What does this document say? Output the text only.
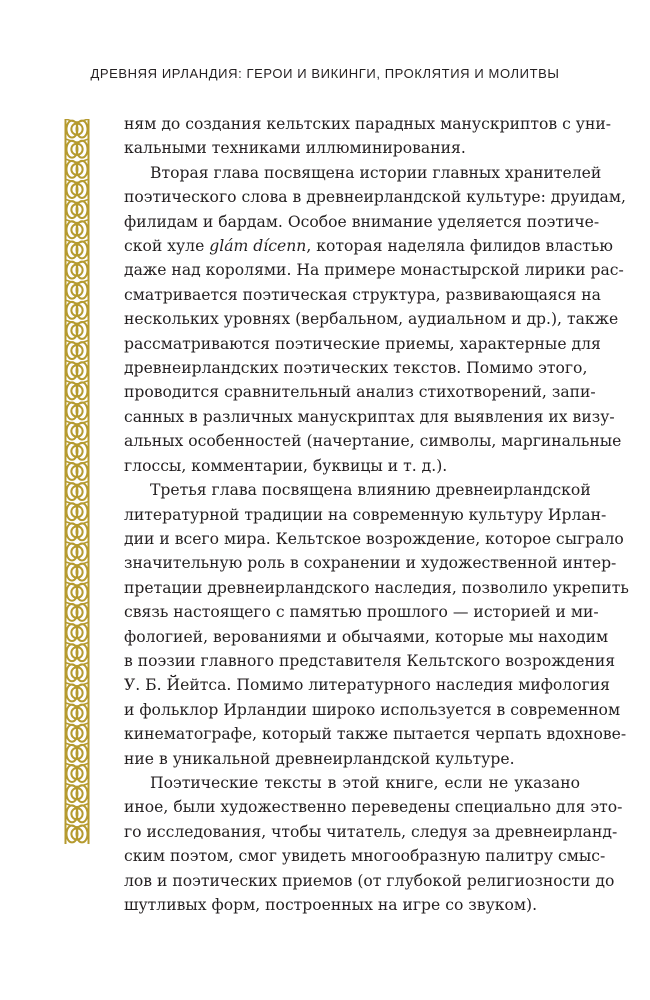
ДРЕВНЯЯ ИРЛАНДИЯ: ГЕРОИ И ВИКИНГИ, ПРОКЛЯТИЯ И МОЛИТВЫ
ням до создания кельтских парадных манускриптов с уни-
кальными техниками иллюминирования.
Вторая глава посвящена истории главных хранителей
поэтического слова в древнеирландской культуре: друидам,
филидам и бардам. Особое внимание уделяется поэтиче-
ской хуле glám dícenn, которая наделяла филидов властью
даже над королями. На примере монастырской лирики рас-
сматривается поэтическая структура, развивающаяся на
нескольких уровнях (вербальном, аудиальном и др.), также
рассматриваются поэтические приемы, характерные для
древнеирландских поэтических текстов. Помимо этого,
проводится сравнительный анализ стихотворений, запи-
санных в различных манускриптах для выявления их визу-
альных особенностей (начертание, символы, маргинальные
глоссы, комментарии, буквицы и т. д.).
Третья глава посвящена влиянию древнеирландской
литературной традиции на современную культуру Ирлан-
дии и всего мира. Кельтское возрождение, которое сыграло
значительную роль в сохранении и художественной интер-
претации древнеирландского наследия, позволило укрепить
связь настоящего с памятью прошлого — историей и ми-
фологией, верованиями и обычаями, которые мы находим
в поэзии главного представителя Кельтского возрождения
У. Б. Йейтса. Помимо литературного наследия мифология
и фольклор Ирландии широко используется в современном
кинематографе, который также пытается черпать вдохнове-
ние в уникальной древнеирландской культуре.
Поэтические тексты в этой книге, если не указано
иное, были художественно переведены специально для это-
го исследования, чтобы читатель, следуя за древнеирланд-
ским поэтом, смог увидеть многообразную палитру смыс-
лов и поэтических приемов (от глубокой религиозности до
шутливых форм, построенных на игре со звуком).
